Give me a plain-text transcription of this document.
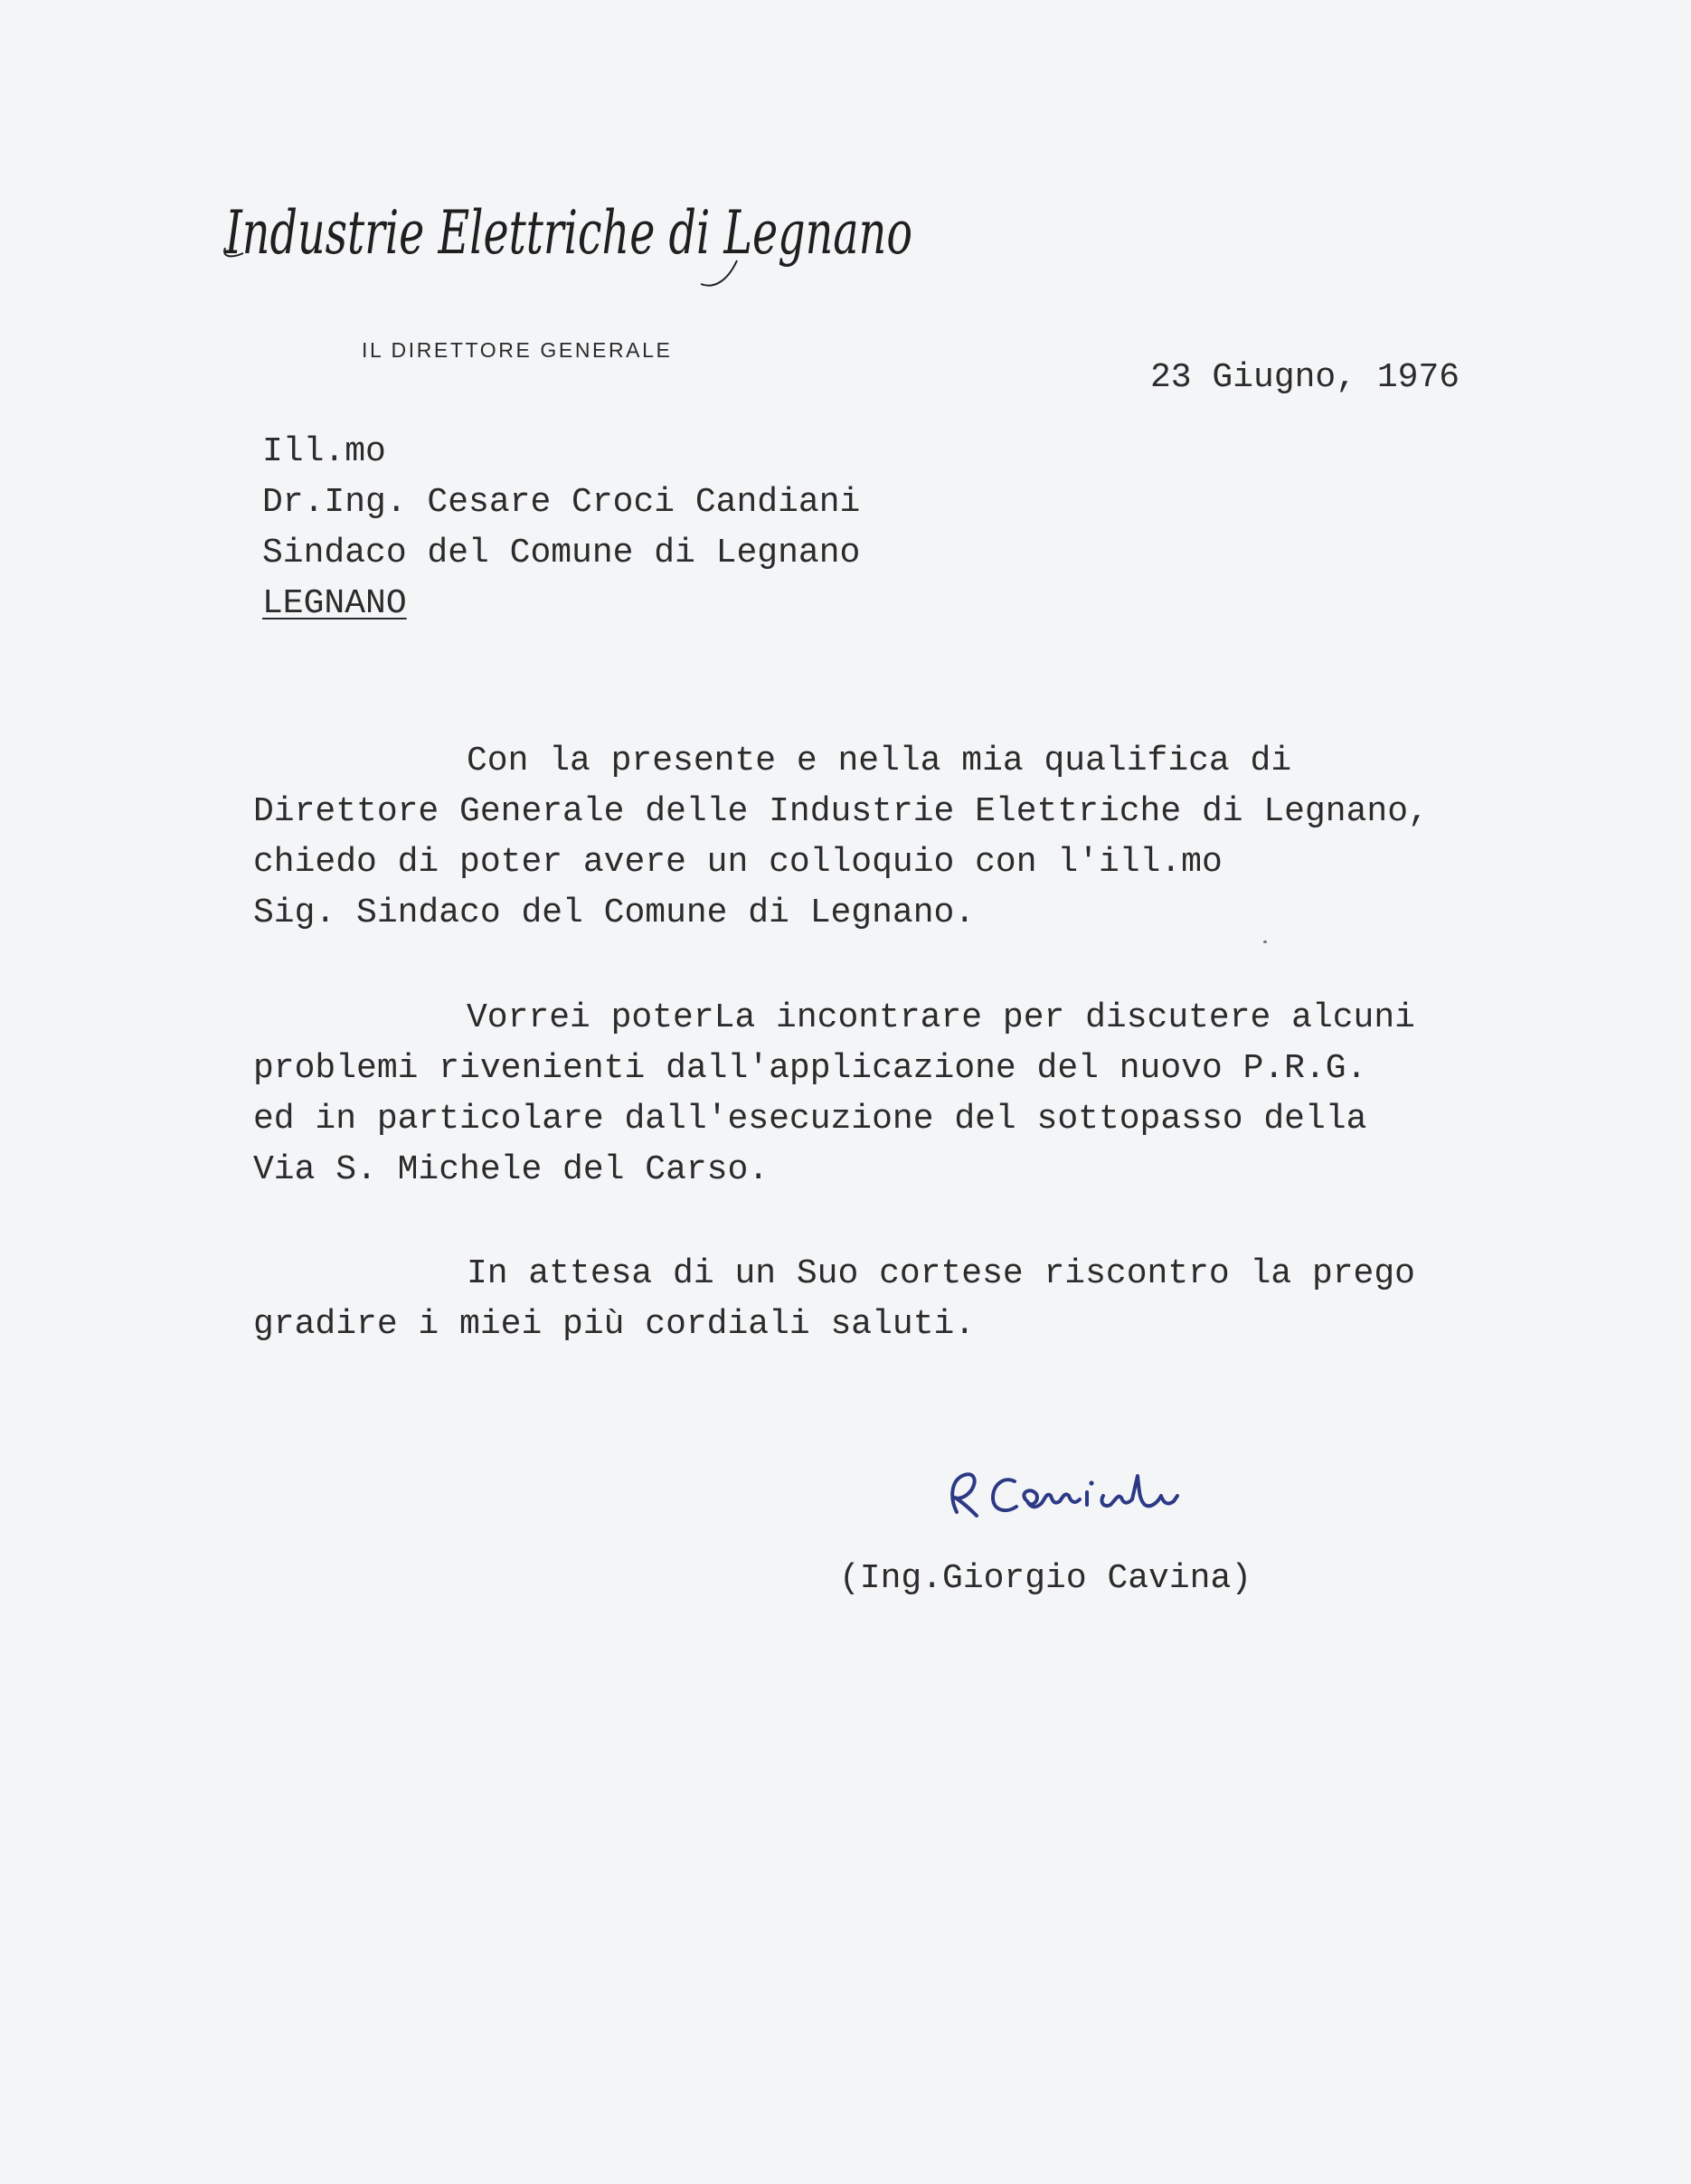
Industrie Elettriche di Legnano
IL DIRETTORE GENERALE
23 Giugno, 1976
Ill.mo
Dr.Ing. Cesare Croci Candiani
Sindaco del Comune di Legnano
LEGNANO
Con la presente e nella mia qualifica di
Direttore Generale delle Industrie Elettriche di Legnano,
chiedo di poter avere un colloquio con l'ill.mo
Sig. Sindaco del Comune di Legnano.
Vorrei poterLa incontrare per discutere alcuni
problemi rivenienti dall'applicazione del nuovo P.R.G.
ed in particolare dall'esecuzione del sottopasso della
Via S. Michele del Carso.
In attesa di un Suo cortese riscontro la prego
gradire i miei più cordiali saluti.
(Ing.Giorgio Cavina)
